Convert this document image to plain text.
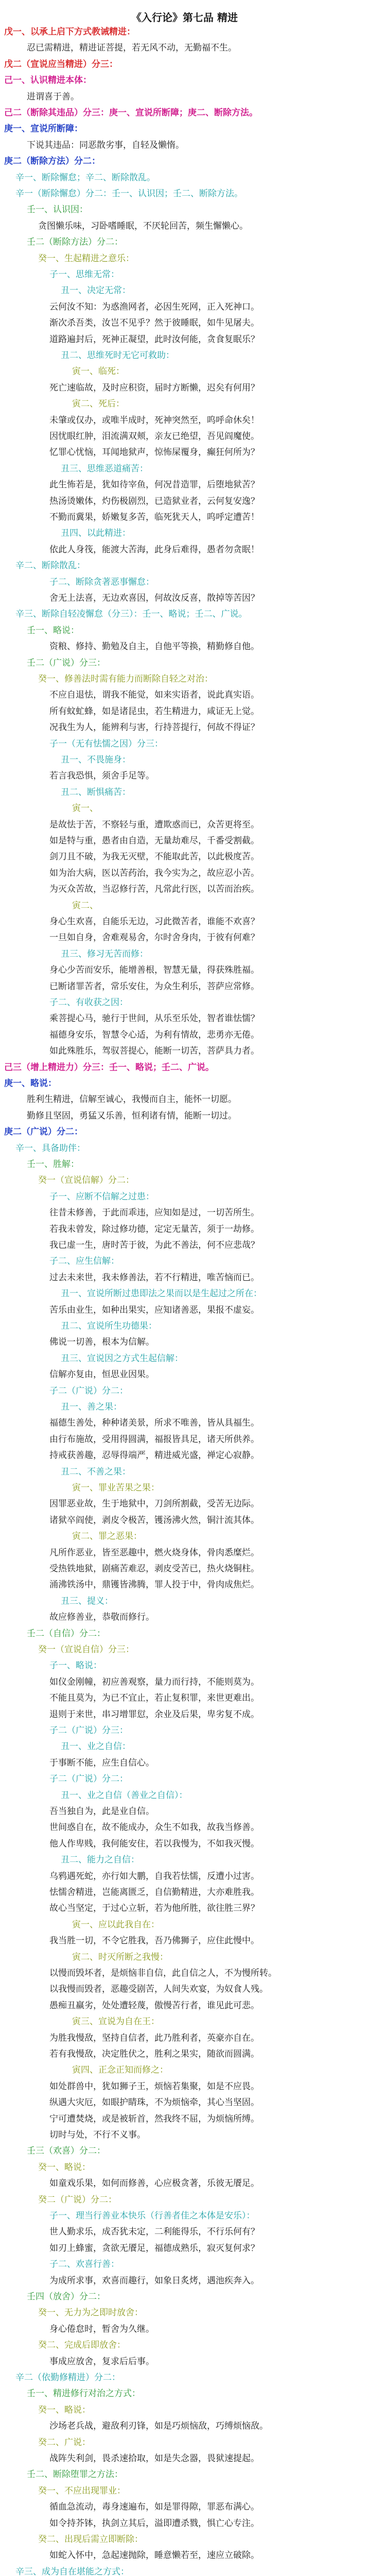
《入行论》第七品 精进
戊一、以承上启下方式教诫精进：
忍已需精进，精进证菩提，若无风不动，无勤福不生。
戊二（宣说应当精进）分三：
己一、认识精进本体：
进谓喜于善。
己二（断除其违品）分三：庚一、宣说所断障；庚二、断除方法。
庚一、宣说所断障：
下说其违品：同恶散劣事，自轻及懒惰。
庚二（断除方法）分二：
辛一、断除懈怠；辛二、断除散乱。
辛一（断除懈怠）分二：壬一、认识因；壬二、断除方法。
壬一、认识因：
贪图懒乐味，习卧嗜睡眠，不厌轮回苦，频生懈懒心。
壬二（断除方法）分二：
癸一、生起精进之意乐：
子一、思维无常：
丑一、决定无常：
云何汝不知：为惑渔网者，必因生死网，正入死神口。
渐次杀吾类，汝岂不见乎？然于彼睡眠，如牛见屠夫。
道路遍封后，死神正凝望，此时汝何能，贪食复眠乐？
丑二、思维死时无它可救助：
寅一、临死：
死亡速临故，及时应积资，届时方断懒，迟矣有何用？
寅二、死后：
未肇或仅办，或唯半成时，死神突然至，呜呼命休矣！
因忧眼红肿，泪流满双颊，亲友已绝望，吾见阎魔使。
忆罪心忧恼，耳闻地狱声，惊怖屎覆身，癫狂何所为？
丑三、思维恶道痛苦：
此生怖若是，犹如待宰鱼，何况昔造罪，后堕地狱苦？
热汤烫嫩体，灼伤极剧烈，已造狱业者，云何复安逸？
不勤而冀果，娇嫩复多苦，临死犹天人，呜呼定遭苦！
丑四、以此精进：
依此人身筏，能渡大苦海，此身后难得，愚者勿贪眠！
辛二、断除散乱：
子二、断除贪著恶事懈怠：
舍无上法喜，无边欢喜因，何故汝反喜，散掉等苦因？
辛三、断除自轻凌懈怠（分三）：壬一、略说；壬二、广说。
壬一、略说：
资粮、修持、勤勉及自主，自他平等换，精勤修自他。
壬二（广说）分三：
癸一、修善法时需有能力而断除自轻之对治：
不应自退怯，谓我不能觉，如来实语者，说此真实语。
所有蚊虻蜂，如是诸昆虫，若生精进力，咸证无上觉。
况我生为人，能辨利与害，行持菩提行，何故不得证？
子一（无有怯懦之因）分三：
丑一、不畏施身：
若言我恐惧，须舍手足等。
丑二、断惧痛苦：
寅一、
是故怯于苦，不察轻与重，遭欺惑而已，众苦更将至。
如是特与重，愚者由自造，无量劫难尽，千番受割截。
剑刀且不破，为我无灭壁，不能取此苦，以此极度苦。
如为治大病，医以苦药治，我今实为之，故应忍小苦。
为灭众苦故，当忍修行苦，凡常此行医，以苦而治疾。
寅二、
身心生欢喜，自能乐无边，习此微苦者，谁能不欢喜？
一旦如自身，舍难观易舍，尔时舍身肉，于彼有何难？
丑三、修习无苦而修：
身心少苦而安乐，能增善根，智慧无量，得获殊胜福。
已断诸罪苦者，常乐安住，为众生利乐，菩萨应常修。
子二、有收获之因：
乘菩提心马，驰行于世间，从乐至乐处，智者谁怯懦？
福德身安乐，智慧令心适，为利有情故，悲勇亦无倦。
如此殊胜乐，驾驭菩提心，能断一切苦，菩萨具力者。
己三（增上精进力）分三：壬一、略说；壬二、广说。
庚一、略说：
胜利生精进，信解至诚心，我慢而自主，能怀一切愿。
勤修且坚固，勇猛又乐善，恒利诸有情，能断一切过。
庚二（广说）分二：
辛一、具备助伴：
壬一、胜解：
癸一（宣说信解）分二：
子一、应断不信解之过患：
往昔未修善，于此而乖违，应知如是过，一切苦所生。
若我未曾发，除过修功德，定定无量苦，须于一劫修。
我已虚一生，唐时苦于彼，为此不善法，何不应悲哉？
子二、应生信解：
过去未来世，我未修善法，若不行精进，唯苦恼而已。
丑一、宣说所断过患即法之果而以是生起过之所在：
苦乐由业生，如种出果实，应知诸善恶，果报不虚妄。
丑二、宣说所生功德果：
佛说一切善，根本为信解。
丑三、宣说因之方式生起信解：
信解亦复由，恒思业因果。
子二（广说）分二：
丑一、善之果：
福德生善处，种种诸美景，所求不唯善，皆从具福生。
由行布施故，受用得圆满，福报皆具足，诸天所供养。
持戒获善趣，忍辱得端严，精进威光盛，禅定心寂静。
丑二、不善之果：
寅一、罪业苦果之果：
因罪恶业故，生于地狱中，刀剑所割截，受苦无边际。
诸狱卒阎使，剥皮令极苦，镬汤沸火然，铜汁流其体。
寅二、罪之恶果：
凡所作恶业，皆至恶趣中，燃火烧身体，骨肉悉糜烂。
受热铁地狱，剧痛苦难忍，剥皮受苦已，热火烧铜柱。
涌沸铁汤中，鼎镬皆沸腾，罪人投于中，骨肉成焦烂。
丑三、提义：
故应修善业，恭敬而修行。
壬二（自信）分二：
癸一（宣说自信）分三：
子一、略说：
如仪金刚幢，初应善观察，量力而行持，不能则莫为。
不能且莫为，为已不宜止，若止复积罪，来世更难出。
退则于来世，串习增罪愆，余业及后果，卑劣复不成。
子二（广说）分三：
丑一、业之自信：
于事断不能，应生自信心。
子二（广说）分二：
丑一、业之自信（善业之自信）：
吾当独自为，此是业自信。
世间惑自在，故不能成办，众生不如我，故我当修善。
他人作卑贱，我何能安住，若以我慢为，不如我灭慢。
丑二、能力之自信：
乌鸦遇死蛇，亦行如大鹏，自我若怯懦，反遭小过害。
怯懦舍精进，岂能离匮乏，自信勤精进，大亦难胜我。
故心当坚定，于过心立斩，若为他所胜，欲往胜三界？
寅一、应以此我自在：
我当胜一切，不令它胜我，吾乃佛狮子，应住此慢中。
寅二、时灭所断之我慢：
以慢而毁坏者，是烦恼非自信，此自信之人，不为慢所转。
以我慢而毁者，恶趣受剧苦，人间失欢宴，为奴食人残。
愚痴丑羸劣，处处遭轻蔑，傲慢苦行者，谁见此可悲。
寅三、宣说为自在王：
为胜我慢敌，坚持自信者，此乃胜利者，英豪亦自在。
若有我慢敌，决定胜伏之，胜利之果实，随欲而圆满。
寅四、正念正知而修之：
如处群兽中，犹如狮子王，烦恼若集聚，如是不应畏。
纵遇大灾厄，如眼护睛珠，不为烦恼牵，其心当坚固。
宁可遭焚烧，或是被斩首，然我终不屈，为烦恼所缚。
切时与处，不行不义事。
壬三（欢喜）分二：
癸一、略说：
如童戏乐果，如何而修善，心应极贪著，乐彼无餍足。
癸二（广说）分二：
子一、理当行善业本快乐（行善者佳之本体是安乐）：
世人勤求乐，成否犹未定，二利能得乐，不行乐何有？
如刃上蜂蜜，贪欲无餍足，福德成熟乐，寂灭复何求？
子二、欢喜行善：
为成所求事，欢喜而趣行，如象日炙烤，遇池疾奔入。
壬四（放舍）分二：
癸一、无力为之即时放舍：
身心倦怠时，暂舍为久继。
癸二、完成后即放舍：
事成应放舍，复求后后事。
辛二（依勤修精进）分二：
壬一、精进修行对治之方式：
癸一、略说：
沙场老兵战，避敌利刃锋，如是巧烦恼敌，巧缚烦恼敌。
癸二、广说：
战阵失利剑，畏杀速拾取，如是失念器，畏狱速提起。
壬二、断除堕罪之方法：
癸一、不应出现罪业：
循血急流动，毒身速遍布，如是罪得隙，罪恶布满心。
如令持芥钵，执剑立其后，溢即遭杀戮，惧亡心专注。
癸二、出现后需立即断除：
如蛇入怀中，急起速抛除，睡意懒若至，速应立破除。
辛三、成为自在堪能之方式：
